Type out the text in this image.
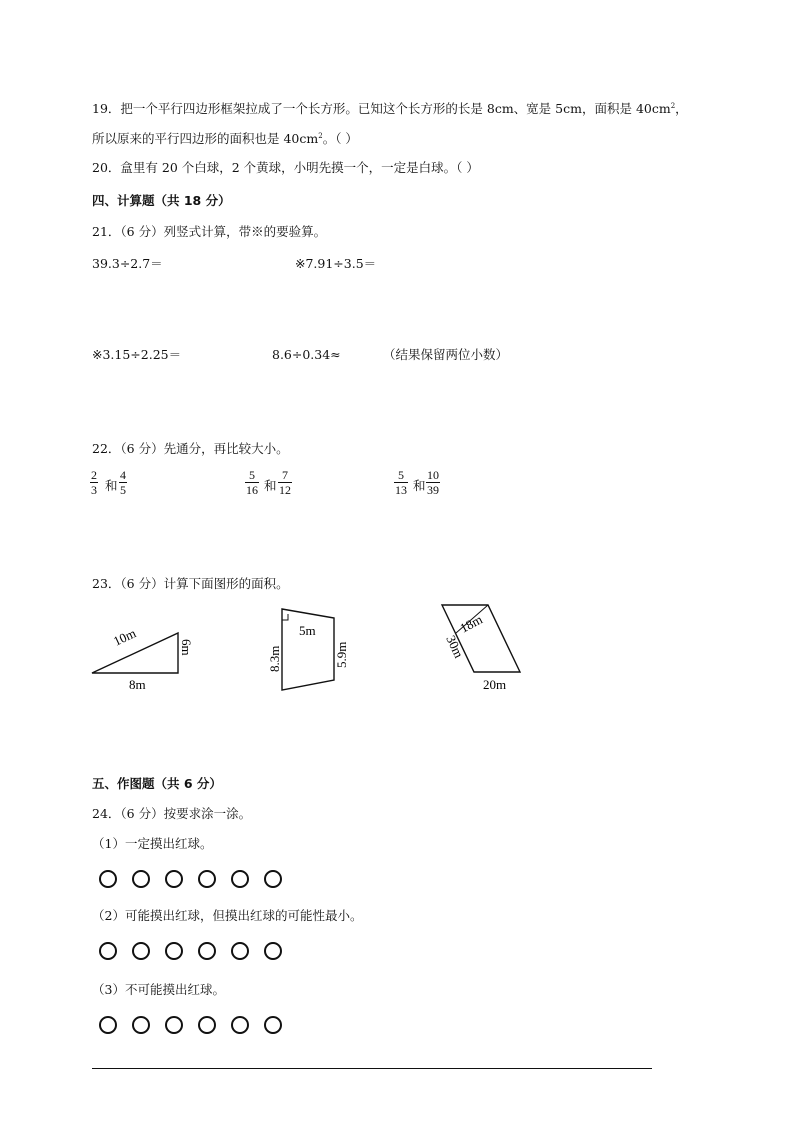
19．把一个平行四边形框架拉成了一个长方形。已知这个长方形的长是 8cm、宽是 5cm，面积是 $40cm^2$，
所以原来的平行四边形的面积也是 $40cm^2$。（ ）
20．盒里有 20 个白球，2 个黄球，小明先摸一个，一定是白球。（ ）
四、计算题（共 18 分）
21．（6 分）列竖式计算，带※的要验算。
39.3÷2.7＝	※7.91÷3.5＝
※3.15÷2.25＝	8.6÷0.34≈	（结果保留两位小数）
22．（6 分）先通分，再比较大小。
$\frac{2}{3}$ 和 $\frac{4}{5}$	$\frac{5}{16}$ 和 $\frac{7}{12}$	$\frac{5}{13}$ 和 $\frac{10}{39}$
23．（6 分）计算下面图形的面积。
10m	6m
8m
5m
8.3m	5.9m
18m
30m
20m
五、作图题（共 6 分）
24．（6 分）按要求涂一涂。
（1）一定摸出红球。
（2）可能摸出红球，但摸出红球的可能性最小。
（3）不可能摸出红球。
